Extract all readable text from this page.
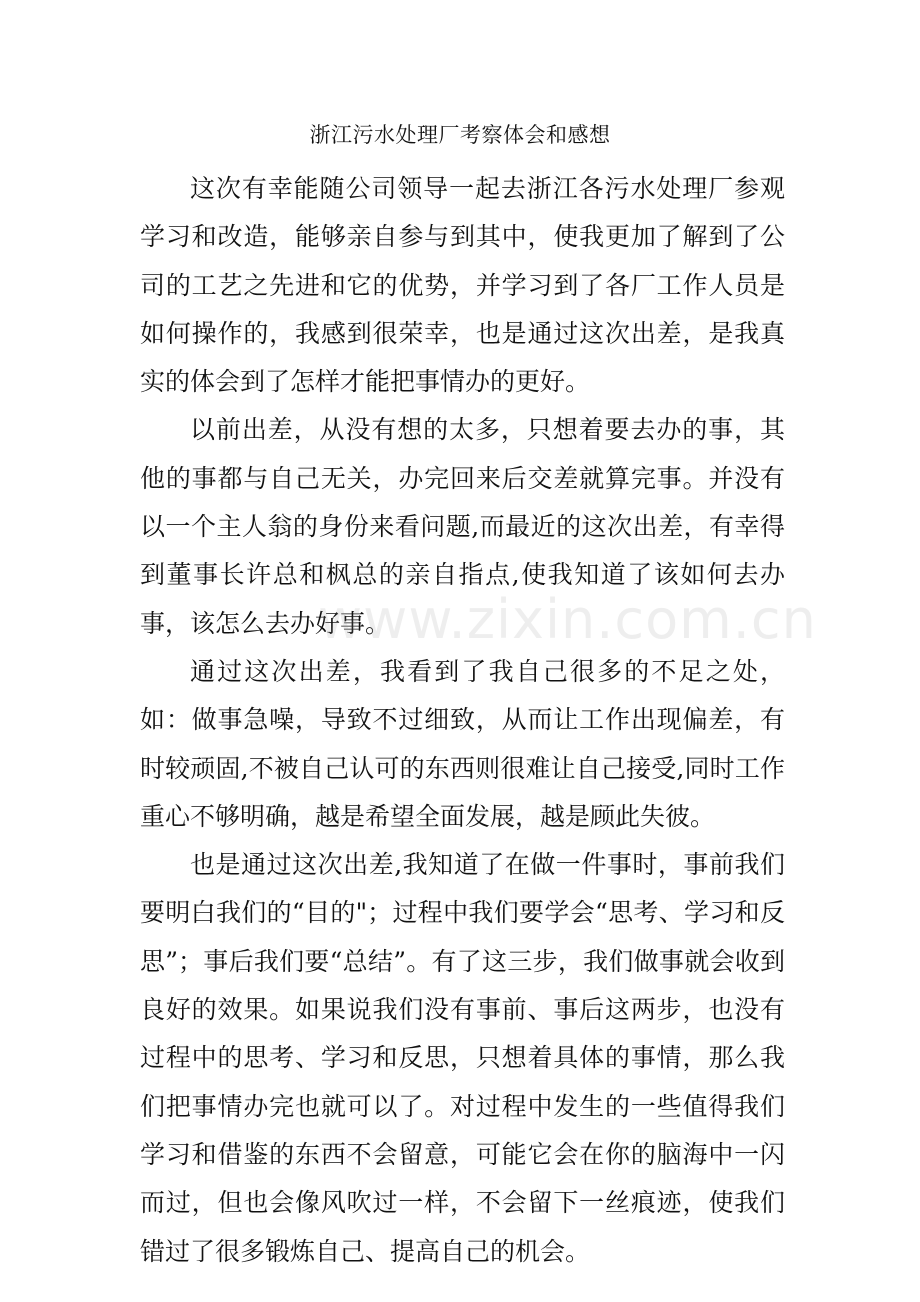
浙江污水处理厂考察体会和感想

这次有幸能随公司领导一起去浙江各污水处理厂参观学习和改造，能够亲自参与到其中，使我更加了解到了公司的工艺之先进和它的优势，并学习到了各厂工作人员是如何操作的，我感到很荣幸，也是通过这次出差，是我真实的体会到了怎样才能把事情办的更好。

以前出差，从没有想的太多，只想着要去办的事，其他的事都与自己无关，办完回来后交差就算完事。并没有以一个主人翁的身份来看问题,而最近的这次出差，有幸得到董事长许总和枫总的亲自指点,使我知道了该如何去办事，该怎么去办好事。

通过这次出差，我看到了我自己很多的不足之处，如：做事急噪，导致不过细致，从而让工作出现偏差，有时较顽固,不被自己认可的东西则很难让自己接受,同时工作重心不够明确，越是希望全面发展，越是顾此失彼。

也是通过这次出差,我知道了在做一件事时，事前我们要明白我们的“目的"；过程中我们要学会“思考、学习和反思”；事后我们要“总结”。有了这三步，我们做事就会收到良好的效果。如果说我们没有事前、事后这两步，也没有过程中的思考、学习和反思，只想着具体的事情，那么我们把事情办完也就可以了。对过程中发生的一些值得我们学习和借鉴的东西不会留意，可能它会在你的脑海中一闪而过，但也会像风吹过一样，不会留下一丝痕迹，使我们错过了很多锻炼自己、提高自己的机会。

www.zixin.com.cn
